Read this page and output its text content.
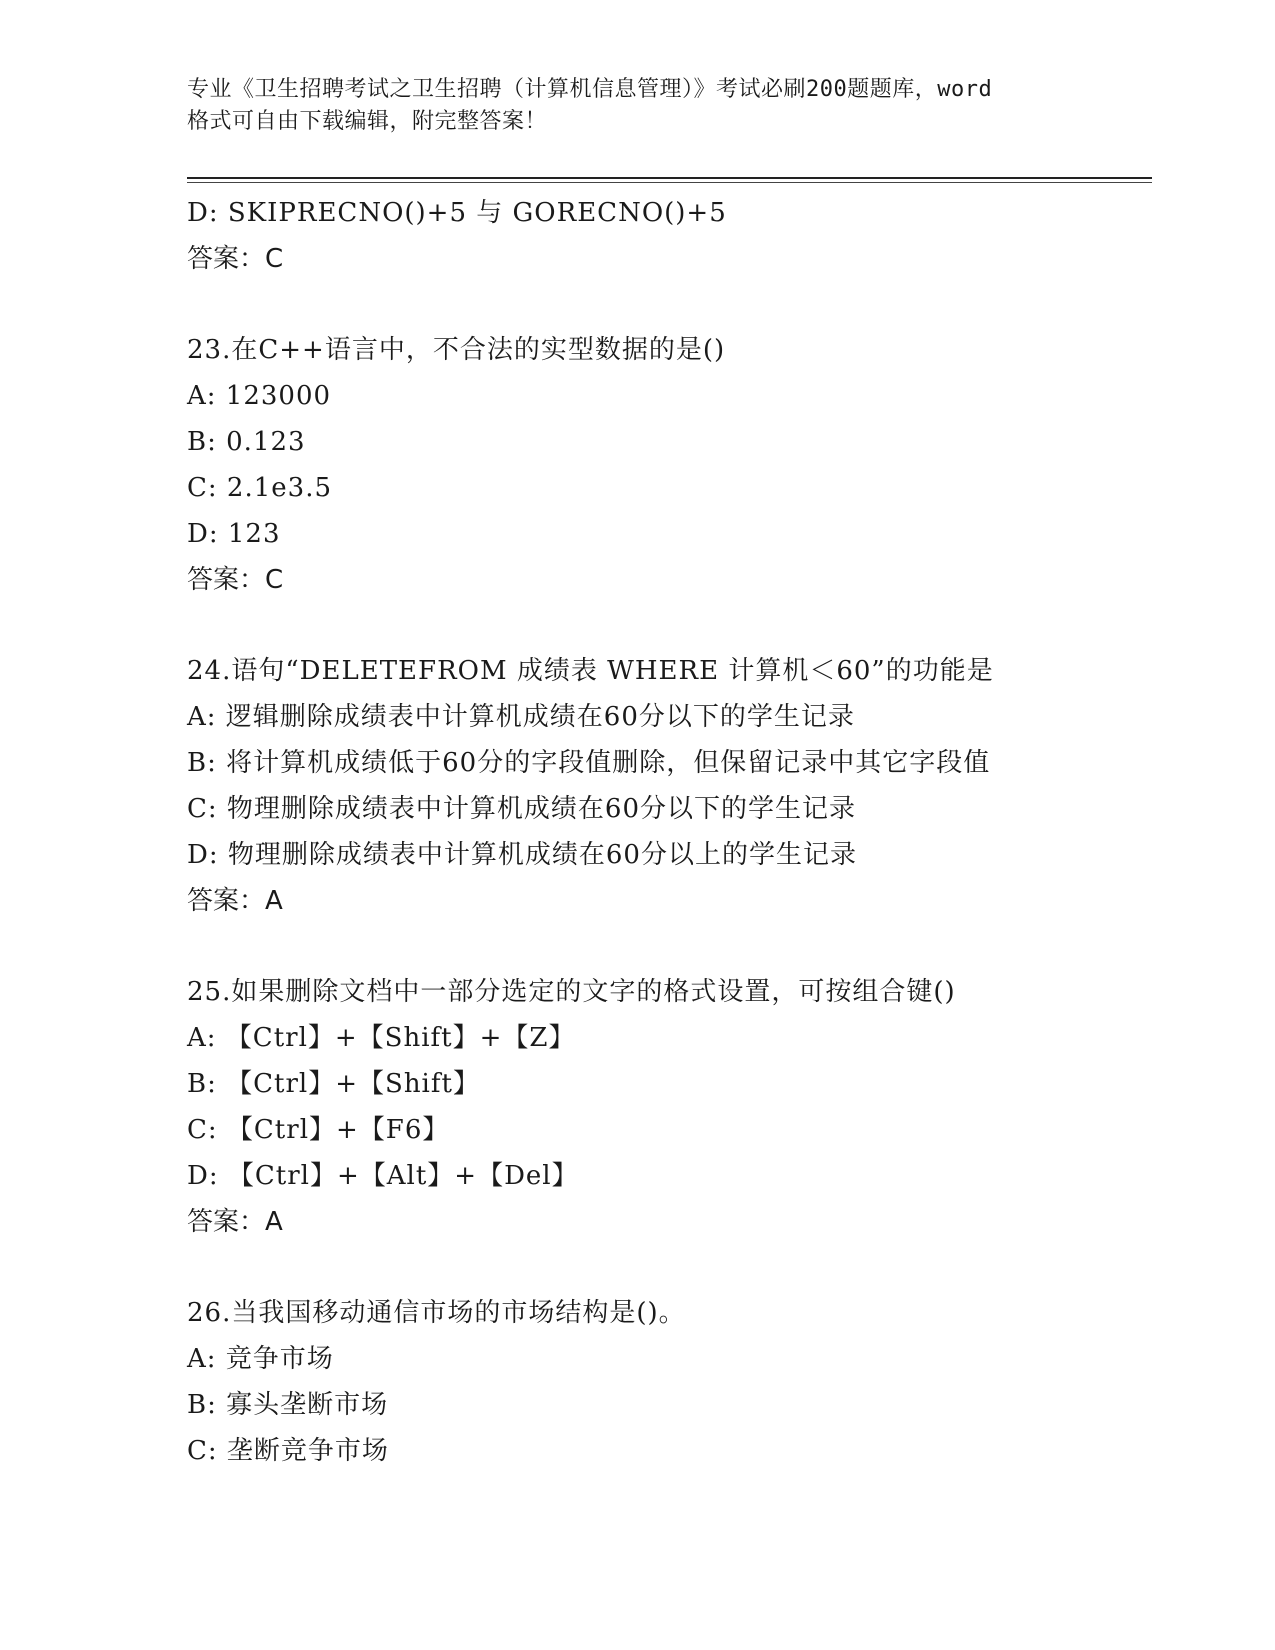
专业《卫生招聘考试之卫生招聘（计算机信息管理）》考试必刷200题题库，word
格式可自由下载编辑，附完整答案！
D: SKIPRECNO()+5 与 GORECNO()+5
答案：C
23.在C++语言中，不合法的实型数据的是()
A: 123000
B: 0.123
C: 2.1e3.5
D: 123
答案：C
24.语句“DELETEFROM 成绩表 WHERE 计算机＜60”的功能是
A: 逻辑删除成绩表中计算机成绩在60分以下的学生记录
B: 将计算机成绩低于60分的字段值删除，但保留记录中其它字段值
C: 物理删除成绩表中计算机成绩在60分以下的学生记录
D: 物理删除成绩表中计算机成绩在60分以上的学生记录
答案：A
25.如果删除文档中一部分选定的文字的格式设置，可按组合键()
A: 【Ctrl】+【Shift】+【Z】
B: 【Ctrl】+【Shift】
C: 【Ctrl】+【F6】
D: 【Ctrl】+【Alt】+【Del】
答案：A
26.当我国移动通信市场的市场结构是()。
A: 竞争市场
B: 寡头垄断市场
C: 垄断竞争市场
